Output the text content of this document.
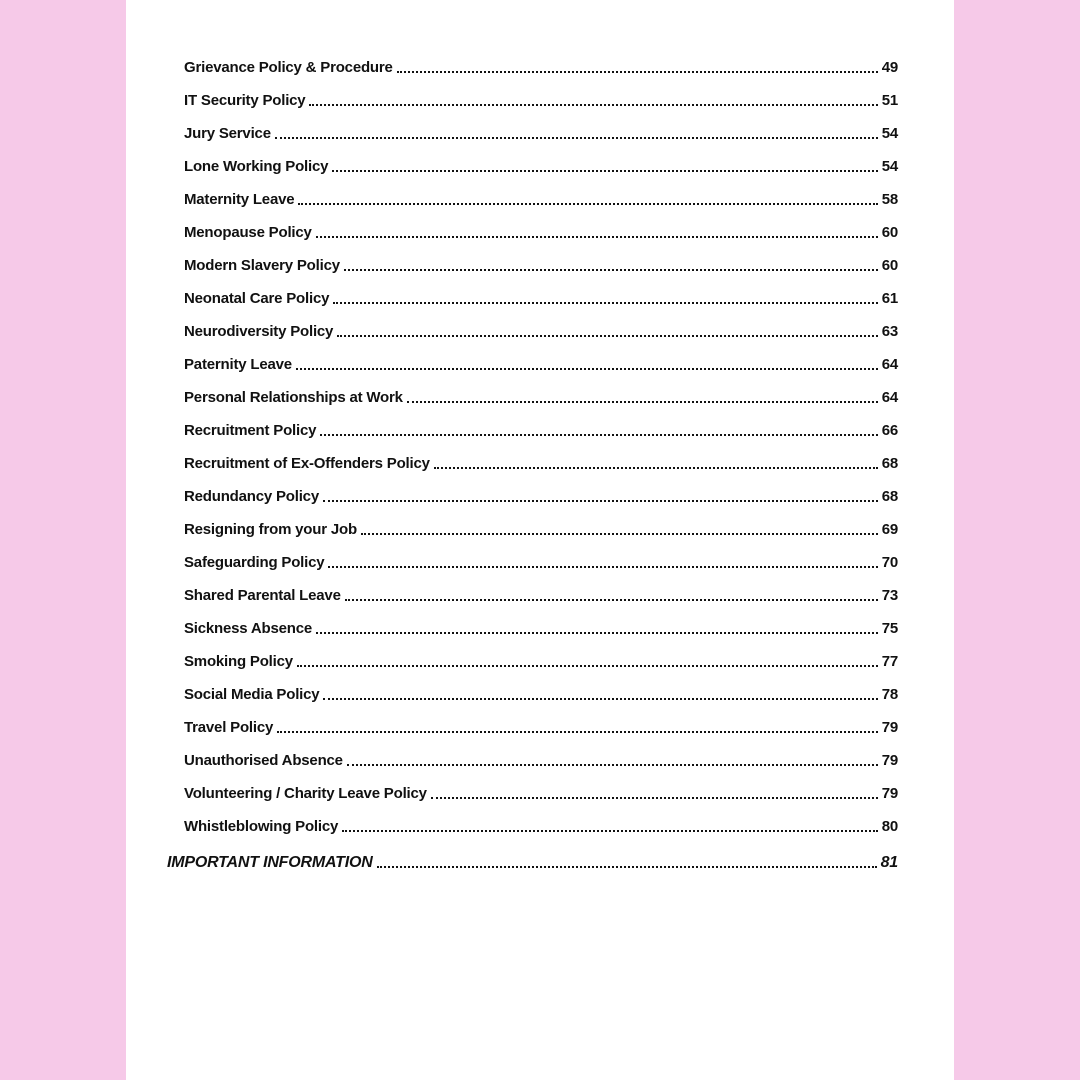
Grievance Policy & Procedure	49
IT Security Policy	51
Jury Service	54
Lone Working Policy	54
Maternity Leave	58
Menopause Policy	60
Modern Slavery Policy	60
Neonatal Care Policy	61
Neurodiversity Policy	63
Paternity Leave	64
Personal Relationships at Work	64
Recruitment Policy	66
Recruitment of Ex-Offenders Policy	68
Redundancy Policy	68
Resigning from your Job	69
Safeguarding Policy	70
Shared Parental Leave	73
Sickness Absence	75
Smoking Policy	77
Social Media Policy	78
Travel Policy	79
Unauthorised Absence	79
Volunteering / Charity Leave Policy	79
Whistleblowing Policy	80
IMPORTANT INFORMATION	81
